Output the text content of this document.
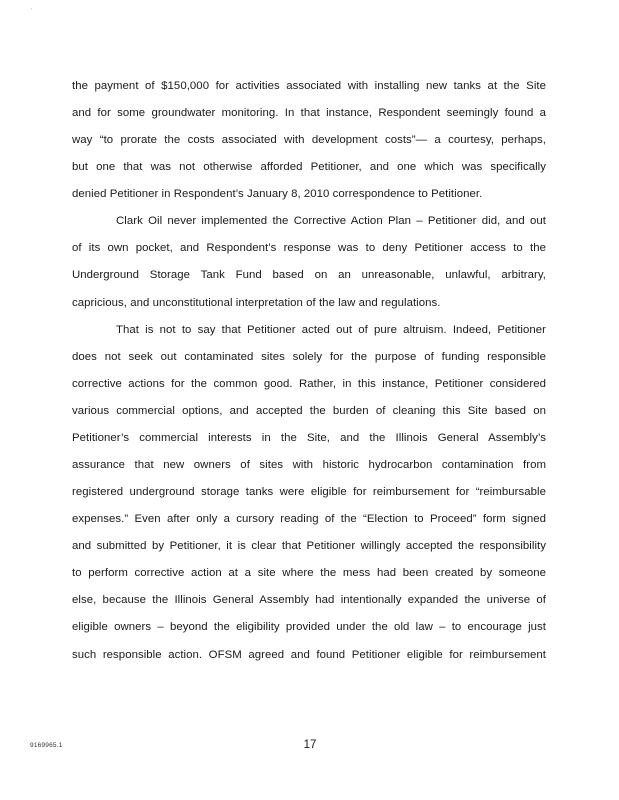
˙
the payment of $150,000 for activities associated with installing new tanks at the Site
and for some groundwater monitoring. In that instance, Respondent seemingly found a
way “to prorate the costs associated with development costs”— a courtesy, perhaps,
but one that was not otherwise afforded Petitioner, and one which was specifically
denied Petitioner in Respondent’s January 8, 2010 correspondence to Petitioner.
Clark Oil never implemented the Corrective Action Plan – Petitioner did, and out
of its own pocket, and Respondent’s response was to deny Petitioner access to the
Underground Storage Tank Fund based on an unreasonable, unlawful, arbitrary,
capricious, and unconstitutional interpretation of the law and regulations.
That is not to say that Petitioner acted out of pure altruism. Indeed, Petitioner
does not seek out contaminated sites solely for the purpose of funding responsible
corrective actions for the common good. Rather, in this instance, Petitioner considered
various commercial options, and accepted the burden of cleaning this Site based on
Petitioner’s commercial interests in the Site, and the Illinois General Assembly’s
assurance that new owners of sites with historic hydrocarbon contamination from
registered underground storage tanks were eligible for reimbursement for “reimbursable
expenses.” Even after only a cursory reading of the “Election to Proceed” form signed
and submitted by Petitioner, it is clear that Petitioner willingly accepted the responsibility
to perform corrective action at a site where the mess had been created by someone
else, because the Illinois General Assembly had intentionally expanded the universe of
eligible owners – beyond the eligibility provided under the old law – to encourage just
such responsible action. OFSM agreed and found Petitioner eligible for reimbursement
9169965.1	17
